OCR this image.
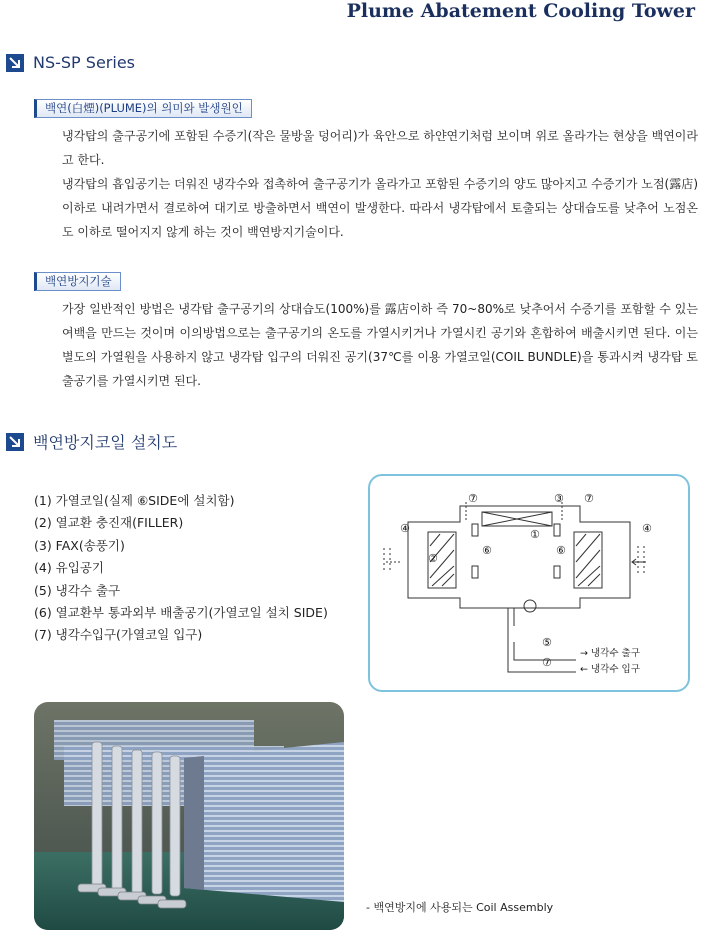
Plume Abatement Cooling Tower
NS-SP Series
백연(白煙)(PLUME)의 의미와 발생원인

냉각탑의 출구공기에 포함된 수증기(작은 물방울 덩어리)가 육안으로 하얀연기처럼 보이며 위로 올라가는 현상을 백연이라고 한다.

냉각탑의 흡입공기는 더워진 냉각수와 접촉하여 출구공기가 올라가고 포함된 수증기의 양도 많아지고 수증기가 노점(露店) 이하로 내려가면서 결로하여 대기로 방출하면서 백연이 발생한다. 따라서 냉각탑에서 토출되는 상대습도를 낮추어 노점온도 이하로 떨어지지 않게 하는 것이 백연방지기술이다.

백연방지기술

가장 일반적인 방법은 냉각탑 출구공기의 상대습도(100%)를 露店이하 즉 70~80%로 낮추어서 수증기를 포함할 수 있는 여백을 만드는 것이며 이의방법으로는 출구공기의 온도를 가열시키거나 가열시킨 공기와 혼합하여 배출시키면 된다. 이는 별도의 가열원을 사용하지 않고 냉각탑 입구의 더워진 공기(37℃를 이용 가열코일(COIL BUNDLE)을 통과시켜 냉각탑 토출공기를 가열시키면 된다.

백연방지코일 설치도
(1) 가열코일(실제 ⑥SIDE에 설치함)
(2) 열교환 충진재(FILLER)
(3) FAX(송풍기)
(4) 유입공기
(5) 냉각수 출구
(6) 열교환부 통과외부 배출공기(가열코일 설치 SIDE)
(7) 냉각수입구(가열코일 입구)
⑦	③ ⑦
④	④
①
②
⑥	⑥
⑤
⑦
→ 냉각수 출구
← 냉각수 입구
- 백연방지에 사용되는 Coil Assembly
